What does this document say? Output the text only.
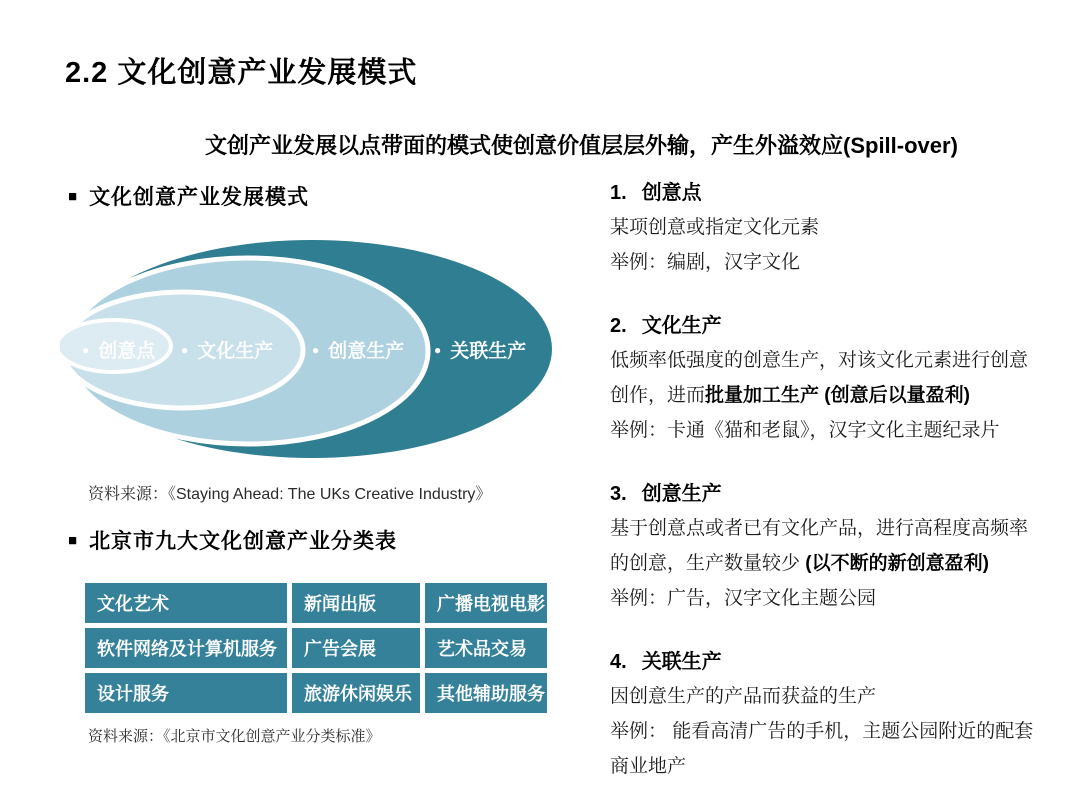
2.2 文化创意产业发展模式
文创产业发展以点带面的模式使创意价值层层外输，产生外溢效应(Spill-over)
■ 文化创意产业发展模式
● 创意点 ● 文化生产	● 创意生产 ● 关联生产
资料来源：《Staying Ahead: The UKs Creative Industry》
■ 北京市九大文化创意产业分类表
文化艺术	新闻出版	广播电视电影
软件网络及计算机服务	广告会展	艺术品交易
设计服务	旅游休闲娱乐	其他辅助服务
资料来源：《北京市文化创意产业分类标准》
1. 创意点
某项创意或指定文化元素
举例：编剧，汉字文化
2. 文化生产
低频率低强度的创意生产，对该文化元素进行创意
创作，进而批量加工生产 (创意后以量盈利)
举例：卡通《猫和老鼠》，汉字文化主题纪录片
3. 创意生产
基于创意点或者已有文化产品，进行高程度高频率
的创意，生产数量较少 (以不断的新创意盈利)
举例：广告，汉字文化主题公园
4. 关联生产
因创意生产的产品而获益的生产
举例： 能看高清广告的手机，主题公园附近的配套
商业地产
